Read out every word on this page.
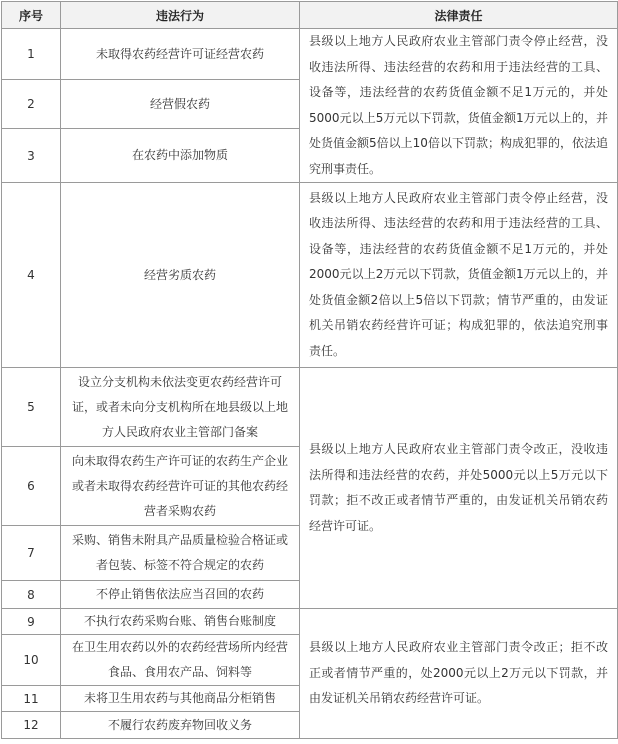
序号	违法行为	法律责任
1	未取得农药经营许可证经营农药	县级以上地方人民政府农业主管部门责令停止经营，没收违法所得、违法经营的农药和用于违法经营的工具、设备等，违法经营的农药货值金额不足1万元的，并处5000元以上5万元以下罚款，货值金额1万元以上的，并处货值金额5倍以上10倍以下罚款；构成犯罪的，依法追究刑事责任。
2	经营假农药	
3	在农药中添加物质	
4	经营劣质农药	县级以上地方人民政府农业主管部门责令停止经营，没收违法所得、违法经营的农药和用于违法经营的工具、设备等，违法经营的农药货值金额不足1万元的，并处2000元以上2万元以下罚款，货值金额1万元以上的，并处货值金额2倍以上5倍以下罚款；情节严重的，由发证机关吊销农药经营许可证；构成犯罪的，依法追究刑事责任。
5	设立分支机构未依法变更农药经营许可证，或者未向分支机构所在地县级以上地方人民政府农业主管部门备案	县级以上地方人民政府农业主管部门责令改正，没收违法所得和违法经营的农药，并处5000元以上5万元以下罚款；拒不改正或者情节严重的，由发证机关吊销农药经营许可证。
6	向未取得农药生产许可证的农药生产企业或者未取得农药经营许可证的其他农药经营者采购农药	
7	采购、销售未附具产品质量检验合格证或者包装、标签不符合规定的农药	
8	不停止销售依法应当召回的农药	
9	不执行农药采购台账、销售台账制度	县级以上地方人民政府农业主管部门责令改正；拒不改正或者情节严重的，处2000元以上2万元以下罚款，并由发证机关吊销农药经营许可证。
10	在卫生用农药以外的农药经营场所内经营食品、食用农产品、饲料等	
11	未将卫生用农药与其他商品分柜销售	
12	不履行农药废弃物回收义务	
